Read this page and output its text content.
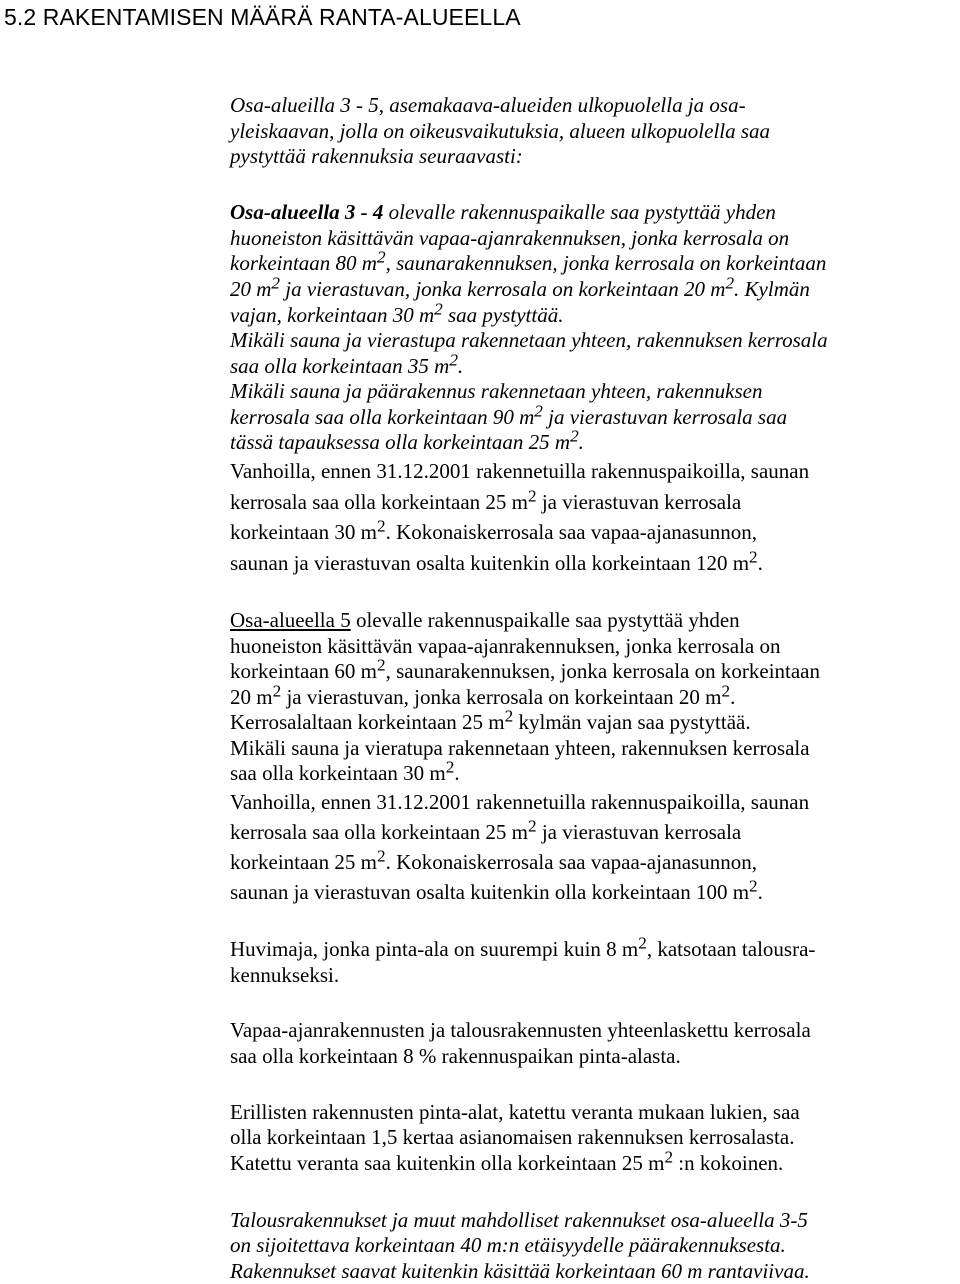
5.2 RAKENTAMISEN MÄÄRÄ RANTA-ALUEELLA
Osa-alueilla 3 - 5, asemakaava-alueiden ulkopuolella ja osa-
yleiskaavan, jolla on oikeusvaikutuksia, alueen ulkopuolella saa
pystyttää rakennuksia seuraavasti:
Osa-alueella 3 - 4 olevalle rakennuspaikalle saa pystyttää yhden
huoneiston käsittävän vapaa-ajanrakennuksen, jonka kerrosala on
korkeintaan 80 $m^2$, saunarakennuksen, jonka kerrosala on korkeintaan
20 $m^2$ ja vierastuvan, jonka kerrosala on korkeintaan 20 $m^2$. Kylmän
vajan, korkeintaan 30 $m^2$ saa pystyttää.
Mikäli sauna ja vierastupa rakennetaan yhteen, rakennuksen kerrosala
saa olla korkeintaan 35 $m^2$.
Mikäli sauna ja päärakennus rakennetaan yhteen, rakennuksen
kerrosala saa olla korkeintaan 90 $m^2$ ja vierastuvan kerrosala saa
tässä tapauksessa olla korkeintaan 25 $m^2$.
Vanhoilla, ennen 31.12.2001 rakennetuilla rakennuspaikoilla, saunan
kerrosala saa olla korkeintaan 25 $m^2$ ja vierastuvan kerrosala
korkeintaan 30 $m^2$. Kokonaiskerrosala saa vapaa-ajanasunnon,
saunan ja vierastuvan osalta kuitenkin olla korkeintaan 120 $m^2$.
Osa-alueella 5 olevalle rakennuspaikalle saa pystyttää yhden
huoneiston käsittävän vapaa-ajanrakennuksen, jonka kerrosala on
korkeintaan 60 $m^2$, saunarakennuksen, jonka kerrosala on korkeintaan
20 $m^2$ ja vierastuvan, jonka kerrosala on korkeintaan 20 $m^2$.
Kerrosalaltaan korkeintaan 25 $m^2$ kylmän vajan saa pystyttää.
Mikäli sauna ja vieratupa rakennetaan yhteen, rakennuksen kerrosala
saa olla korkeintaan 30 $m^2$.
Vanhoilla, ennen 31.12.2001 rakennetuilla rakennuspaikoilla, saunan
kerrosala saa olla korkeintaan 25 $m^2$ ja vierastuvan kerrosala
korkeintaan 25 $m^2$. Kokonaiskerrosala saa vapaa-ajanasunnon,
saunan ja vierastuvan osalta kuitenkin olla korkeintaan 100 $m^2$.
Huvimaja, jonka pinta-ala on suurempi kuin 8 $m^2$, katsotaan talousra-
kennukseksi.
Vapaa-ajanrakennusten ja talousrakennusten yhteenlaskettu kerrosala
saa olla korkeintaan 8 % rakennuspaikan pinta-alasta.
Erillisten rakennusten pinta-alat, katettu veranta mukaan lukien, saa
olla korkeintaan 1,5 kertaa asianomaisen rakennuksen kerrosalasta.
Katettu veranta saa kuitenkin olla korkeintaan 25 $m^2$ :n kokoinen.
Talousrakennukset ja muut mahdolliset rakennukset osa-alueella 3-5
on sijoitettava korkeintaan 40 m:n etäisyydelle päärakennuksesta.
Rakennukset saavat kuitenkin käsittää korkeintaan 60 m rantaviivaa.
